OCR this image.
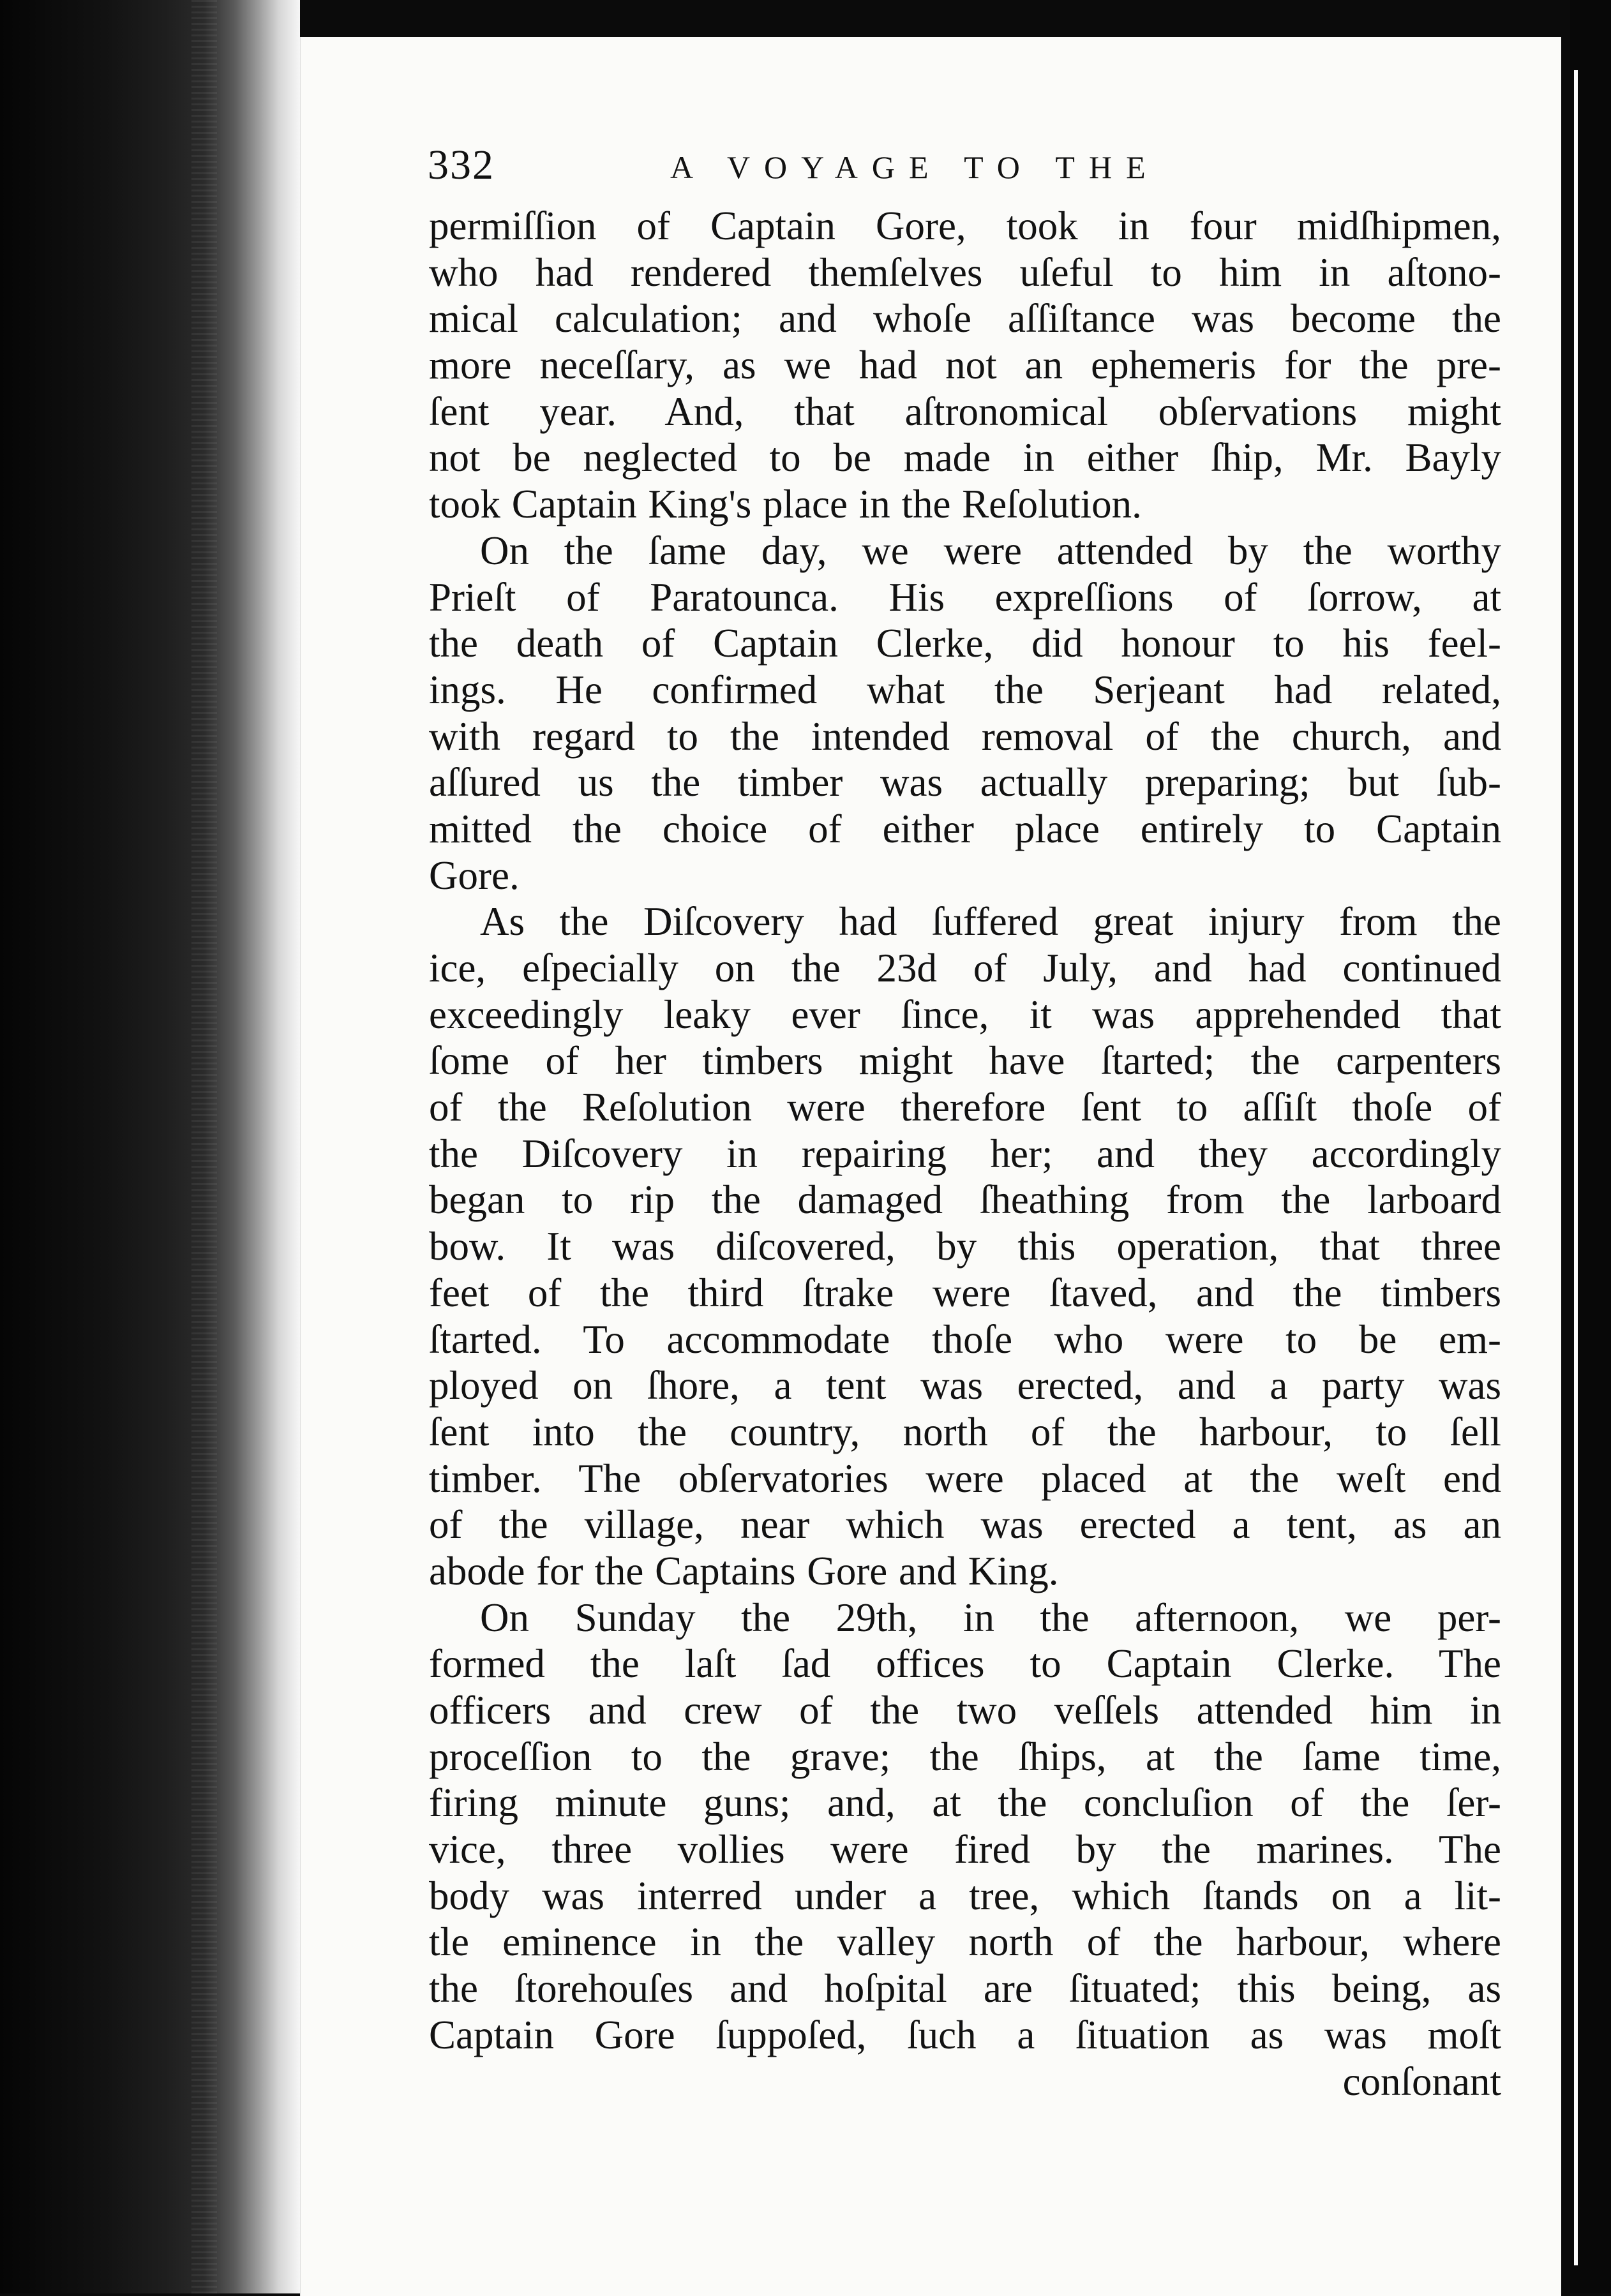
332	A VOYAGE TO THE
permiſſion of Captain Gore, took in four midſhipmen,
who had rendered themſelves uſeful to him in aſtono-
mical calculation; and whoſe aſſiſtance was become the
more neceſſary, as we had not an ephemeris for the pre-
ſent year. And, that aſtronomical obſervations might
not be neglected to be made in either ſhip, Mr. Bayly
took Captain King's place in the Reſolution.
On the ſame day, we were attended by the worthy
Prieſt of Paratounca. His expreſſions of ſorrow, at
the death of Captain Clerke, did honour to his feel-
ings. He confirmed what the Serjeant had related,
with regard to the intended removal of the church, and
aſſured us the timber was actually preparing; but ſub-
mitted the choice of either place entirely to Captain
Gore.
As the Diſcovery had ſuffered great injury from the
ice, eſpecially on the 23d of July, and had continued
exceedingly leaky ever ſince, it was apprehended that
ſome of her timbers might have ſtarted; the carpenters
of the Reſolution were therefore ſent to aſſiſt thoſe of
the Diſcovery in repairing her; and they accordingly
began to rip the damaged ſheathing from the larboard
bow. It was diſcovered, by this operation, that three
feet of the third ſtrake were ſtaved, and the timbers
ſtarted. To accommodate thoſe who were to be em-
ployed on ſhore, a tent was erected, and a party was
ſent into the country, north of the harbour, to ſell
timber. The obſervatories were placed at the weſt end
of the village, near which was erected a tent, as an
abode for the Captains Gore and King.
On Sunday the 29th, in the afternoon, we per-
formed the laſt ſad offices to Captain Clerke. The
officers and crew of the two veſſels attended him in
proceſſion to the grave; the ſhips, at the ſame time,
firing minute guns; and, at the concluſion of the ſer-
vice, three vollies were fired by the marines. The
body was interred under a tree, which ſtands on a lit-
tle eminence in the valley north of the harbour, where
the ſtorehouſes and hoſpital are ſituated; this being, as
Captain Gore ſuppoſed, ſuch a ſituation as was moſt
conſonant
